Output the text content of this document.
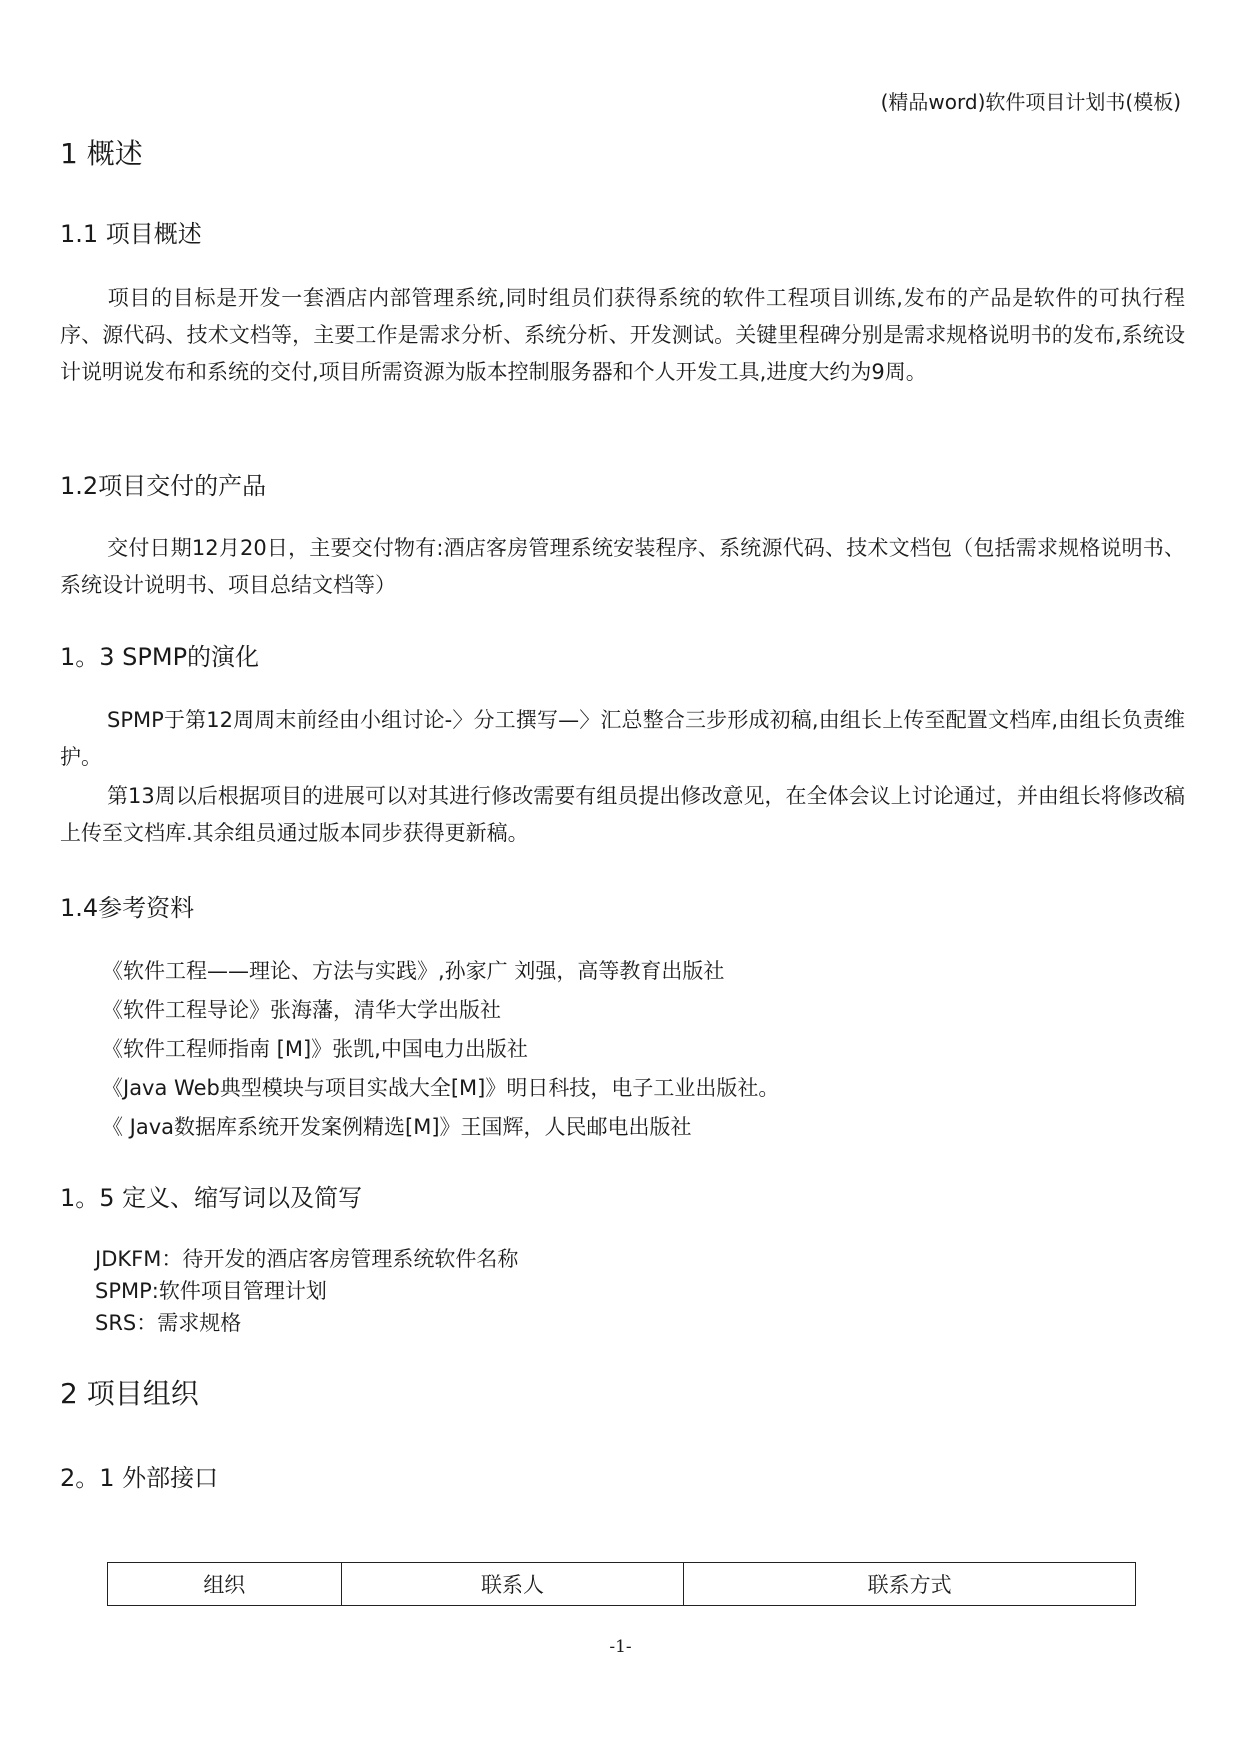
(精品word)软件项目计划书(模板)
1 概述
1.1 项目概述
项目的目标是开发一套酒店内部管理系统,同时组员们获得系统的软件工程项目训练,发布的产品是软件的可执行程序、源代码、技术文档等，主要工作是需求分析、系统分析、开发测试。关键里程碑分别是需求规格说明书的发布,系统设计说明说发布和系统的交付,项目所需资源为版本控制服务器和个人开发工具,进度大约为9周。
1.2项目交付的产品
交付日期12月20日，主要交付物有:酒店客房管理系统安装程序、系统源代码、技术文档包（包括需求规格说明书、系统设计说明书、项目总结文档等）
1。3 SPMP的演化
SPMP于第12周周末前经由小组讨论-〉分工撰写—〉汇总整合三步形成初稿,由组长上传至配置文档库,由组长负责维护。
第13周以后根据项目的进展可以对其进行修改需要有组员提出修改意见，在全体会议上讨论通过，并由组长将修改稿上传至文档库.其余组员通过版本同步获得更新稿。
1.4参考资料
《软件工程——理论、方法与实践》,孙家广 刘强，高等教育出版社
《软件工程导论》张海藩，清华大学出版社
《软件工程师指南 [M]》张凯,中国电力出版社
《Java Web典型模块与项目实战大全[M]》明日科技，电子工业出版社。
《 Java数据库系统开发案例精选[M]》王国辉，人民邮电出版社
1。5 定义、缩写词以及简写
JDKFM：待开发的酒店客房管理系统软件名称
SPMP:软件项目管理计划
SRS：需求规格
2 项目组织
2。1 外部接口
组织	联系人	联系方式
-1-
